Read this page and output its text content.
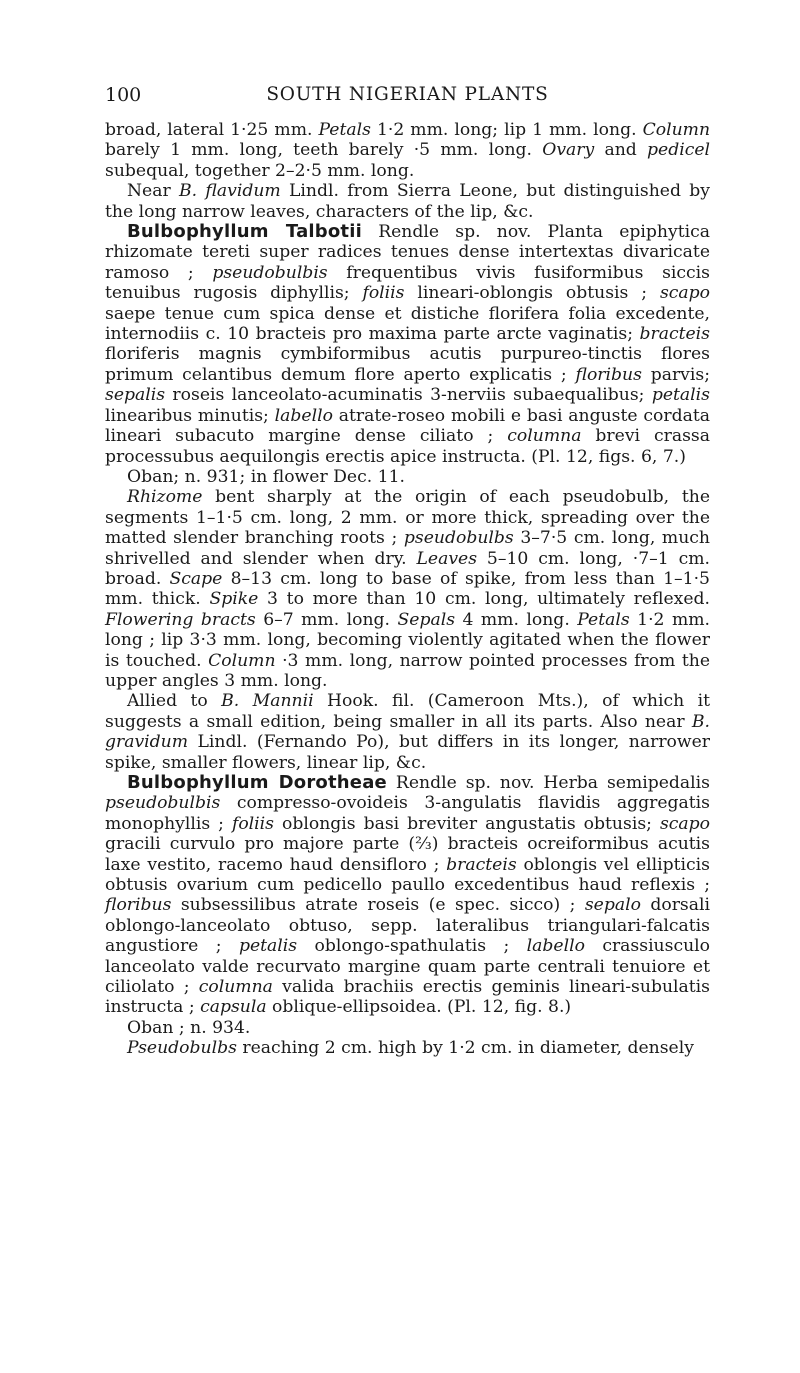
100	SOUTH NIGERIAN PLANTS

broad, lateral 1·25 mm. Petals 1·2 mm. long; lip 1 mm. long. Column barely 1 mm. long, teeth barely ·5 mm. long. Ovary and pedicel subequal, together 2–2·5 mm. long.

Near B. flavidum Lindl. from Sierra Leone, but distinguished by the long narrow leaves, characters of the lip, &c.

Bulbophyllum Talbotii Rendle sp. nov. Planta epiphytica rhizomate tereti super radices tenues dense intertextas divaricate ramoso ; pseudobulbis frequentibus vivis fusiformibus siccis tenuibus rugosis diphyllis; foliis lineari-oblongis obtusis ; scapo saepe tenue cum spica dense et distiche florifera folia excedente, internodiis c. 10 bracteis pro maxima parte arcte vaginatis; bracteis floriferis magnis cymbiformibus acutis purpureo-tinctis flores primum celantibus demum flore aperto explicatis ; floribus parvis; sepalis roseis lanceolato-acuminatis 3-nerviis subaequalibus; petalis linearibus minutis; labello atrate-roseo mobili e basi anguste cordata lineari subacuto margine dense ciliato ; columna brevi crassa processubus aequilongis erectis apice instructa. (Pl. 12, figs. 6, 7.)

Oban; n. 931; in flower Dec. 11.

Rhizome bent sharply at the origin of each pseudobulb, the segments 1–1·5 cm. long, 2 mm. or more thick, spreading over the matted slender branching roots ; pseudobulbs 3–7·5 cm. long, much shrivelled and slender when dry. Leaves 5–10 cm. long, ·7–1 cm. broad. Scape 8–13 cm. long to base of spike, from less than 1–1·5 mm. thick. Spike 3 to more than 10 cm. long, ultimately reflexed. Flowering bracts 6–7 mm. long. Sepals 4 mm. long. Petals 1·2 mm. long ; lip 3·3 mm. long, becoming violently agitated when the flower is touched. Column ·3 mm. long, narrow pointed processes from the upper angles 3 mm. long.

Allied to B. Mannii Hook. fil. (Cameroon Mts.), of which it suggests a small edition, being smaller in all its parts. Also near B. gravidum Lindl. (Fernando Po), but differs in its longer, narrower spike, smaller flowers, linear lip, &c.

Bulbophyllum Dorotheae Rendle sp. nov. Herba semipedalis pseudobulbis compresso-ovoideis 3-angulatis flavidis aggregatis monophyllis ; foliis oblongis basi breviter angustatis obtusis; scapo gracili curvulo pro majore parte (⅔) bracteis ocreiformibus acutis laxe vestito, racemo haud densifloro ; bracteis oblongis vel ellipticis obtusis ovarium cum pedicello paullo excedentibus haud reflexis ; floribus subsessilibus atrate roseis (e spec. sicco) ; sepalo dorsali oblongo-lanceolato obtuso, sepp. lateralibus triangulari-falcatis angustiore ; petalis oblongo-spathulatis ; labello crassiusculo lanceolato valde recurvato margine quam parte centrali tenuiore et ciliolato ; columna valida brachiis erectis geminis lineari-subulatis instructa ; capsula oblique-ellipsoidea. (Pl. 12, fig. 8.)

Oban ; n. 934.

Pseudobulbs reaching 2 cm. high by 1·2 cm. in diameter, densely
